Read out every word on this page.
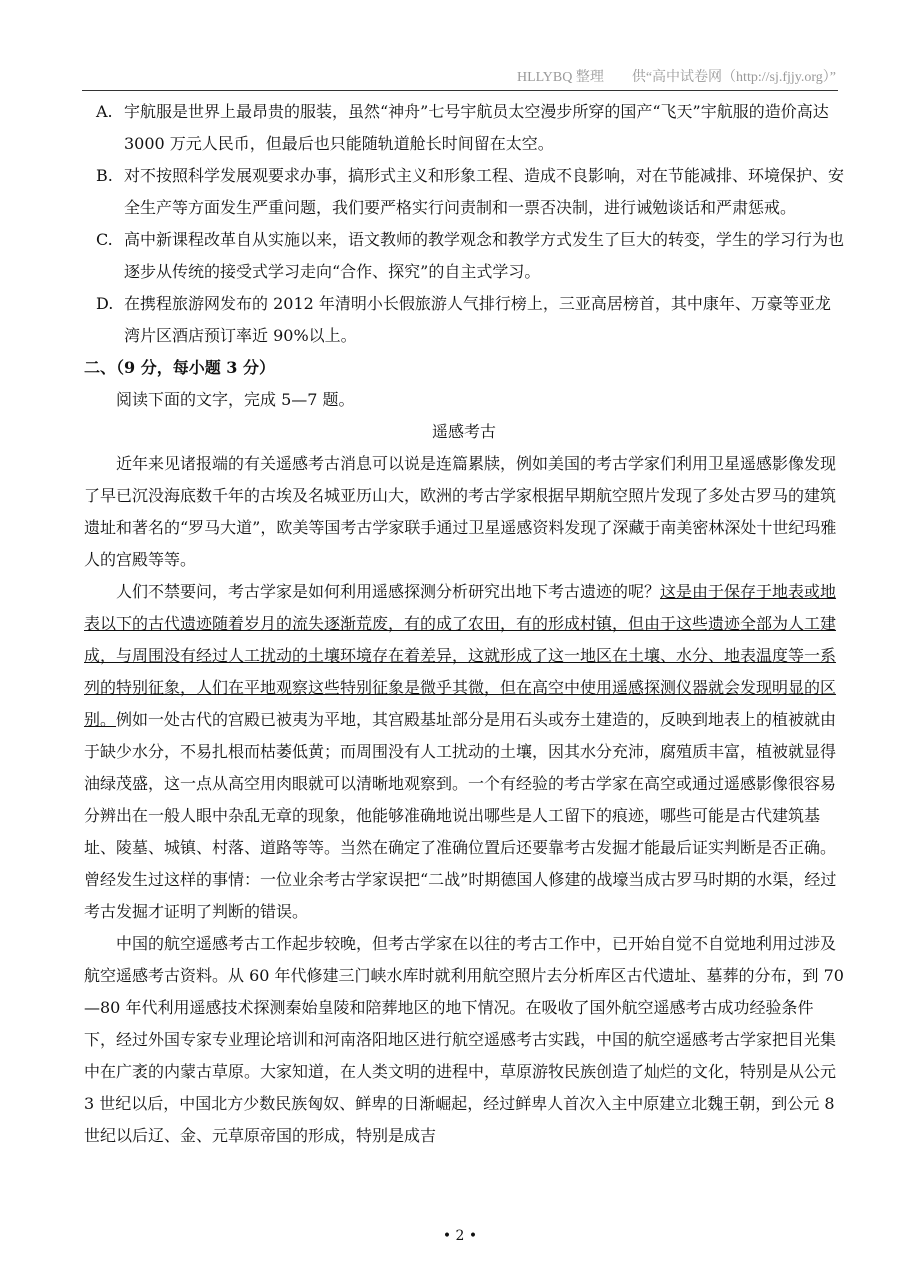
HLLYBQ 整理　　供“高中试卷网（http://sj.fjjy.org）”
A. 宇航服是世界上最昂贵的服装，虽然“神舟”七号宇航员太空漫步所穿的国产“飞天”宇航服的造价高达 3000 万元人民币，但最后也只能随轨道舱长时间留在太空。
B. 对不按照科学发展观要求办事，搞形式主义和形象工程、造成不良影响，对在节能减排、环境保护、安全生产等方面发生严重问题，我们要严格实行问责制和一票否决制，进行诫勉谈话和严肃惩戒。
C. 高中新课程改革自从实施以来，语文教师的教学观念和教学方式发生了巨大的转变，学生的学习行为也逐步从传统的接受式学习走向“合作、探究”的自主式学习。
D. 在携程旅游网发布的 2012 年清明小长假旅游人气排行榜上，三亚高居榜首，其中康年、万豪等亚龙湾片区酒店预订率近 90%以上。
二、（9 分，每小题 3 分）
阅读下面的文字，完成 5—7 题。
遥感考古
近年来见诸报端的有关遥感考古消息可以说是连篇累牍，例如美国的考古学家们利用卫星遥感影像发现了早已沉没海底数千年的古埃及名城亚历山大，欧洲的考古学家根据早期航空照片发现了多处古罗马的建筑遗址和著名的“罗马大道”，欧美等国考古学家联手通过卫星遥感资料发现了深藏于南美密林深处十世纪玛雅人的宫殿等等。
人们不禁要问，考古学家是如何利用遥感探测分析研究出地下考古遗迹的呢？这是由于保存于地表或地表以下的古代遗迹随着岁月的流失逐渐荒废，有的成了农田，有的形成村镇，但由于这些遗迹全部为人工建成，与周围没有经过人工扰动的土壤环境存在着差异，这就形成了这一地区在土壤、水分、地表温度等一系列的特别征象，人们在平地观察这些特别征象是微乎其微，但在高空中使用遥感探测仪器就会发现明显的区别。例如一处古代的宫殿已被夷为平地，其宫殿基址部分是用石头或夯土建造的，反映到地表上的植被就由于缺少水分，不易扎根而枯萎低黄；而周围没有人工扰动的土壤，因其水分充沛，腐殖质丰富，植被就显得油绿茂盛，这一点从高空用肉眼就可以清晰地观察到。一个有经验的考古学家在高空或通过遥感影像很容易分辨出在一般人眼中杂乱无章的现象，他能够准确地说出哪些是人工留下的痕迹，哪些可能是古代建筑基址、陵墓、城镇、村落、道路等等。当然在确定了准确位置后还要靠考古发掘才能最后证实判断是否正确。曾经发生过这样的事情：一位业余考古学家误把“二战”时期德国人修建的战壕当成古罗马时期的水渠，经过考古发掘才证明了判断的错误。
中国的航空遥感考古工作起步较晚，但考古学家在以往的考古工作中，已开始自觉不自觉地利用过涉及航空遥感考古资料。从 60 年代修建三门峡水库时就利用航空照片去分析库区古代遗址、墓葬的分布，到 70—80 年代利用遥感技术探测秦始皇陵和陪葬地区的地下情况。在吸收了国外航空遥感考古成功经验条件下，经过外国专家专业理论培训和河南洛阳地区进行航空遥感考古实践，中国的航空遥感考古学家把目光集中在广袤的内蒙古草原。大家知道，在人类文明的进程中，草原游牧民族创造了灿烂的文化，特别是从公元 3 世纪以后，中国北方少数民族匈奴、鲜卑的日渐崛起，经过鲜卑人首次入主中原建立北魏王朝，到公元 8 世纪以后辽、金、元草原帝国的形成，特别是成吉
• 2 •
